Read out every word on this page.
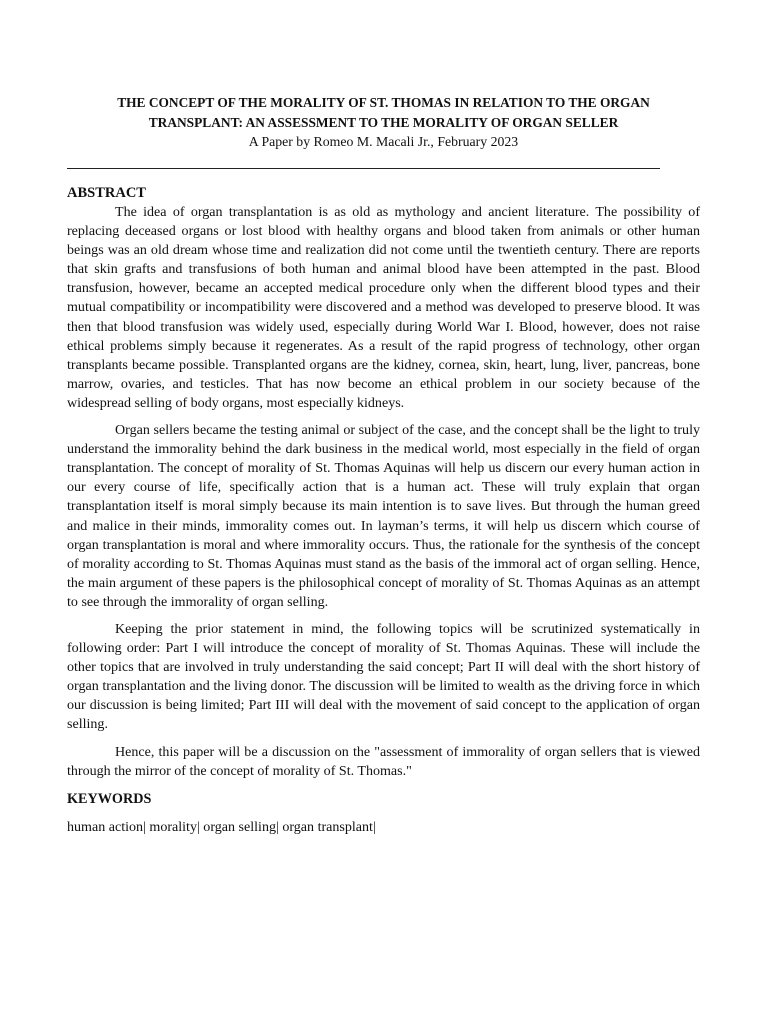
THE CONCEPT OF THE MORALITY OF ST. THOMAS IN RELATION TO THE ORGAN
TRANSPLANT: AN ASSESSMENT TO THE MORALITY OF ORGAN SELLER

A Paper by Romeo M. Macali Jr., February 2023

ABSTRACT

The idea of organ transplantation is as old as mythology and ancient literature. The possibility of replacing deceased organs or lost blood with healthy organs and blood taken from animals or other human beings was an old dream whose time and realization did not come until the twentieth century. There are reports that skin grafts and transfusions of both human and animal blood have been attempted in the past. Blood transfusion, however, became an accepted medical procedure only when the different blood types and their mutual compatibility or incompatibility were discovered and a method was developed to preserve blood. It was then that blood transfusion was widely used, especially during World War I. Blood, however, does not raise ethical problems simply because it regenerates. As a result of the rapid progress of technology, other organ transplants became possible. Transplanted organs are the kidney, cornea, skin, heart, lung, liver, pancreas, bone marrow, ovaries, and testicles. That has now become an ethical problem in our society because of the widespread selling of body organs, most especially kidneys.

Organ sellers became the testing animal or subject of the case, and the concept shall be the light to truly understand the immorality behind the dark business in the medical world, most especially in the field of organ transplantation. The concept of morality of St. Thomas Aquinas will help us discern our every human action in our every course of life, specifically action that is a human act. These will truly explain that organ transplantation itself is moral simply because its main intention is to save lives. But through the human greed and malice in their minds, immorality comes out. In layman’s terms, it will help us discern which course of organ transplantation is moral and where immorality occurs. Thus, the rationale for the synthesis of the concept of morality according to St. Thomas Aquinas must stand as the basis of the immoral act of organ selling. Hence, the main argument of these papers is the philosophical concept of morality of St. Thomas Aquinas as an attempt to see through the immorality of organ selling.

Keeping the prior statement in mind, the following topics will be scrutinized systematically in following order: Part I will introduce the concept of morality of St. Thomas Aquinas. These will include the other topics that are involved in truly understanding the said concept; Part II will deal with the short history of organ transplantation and the living donor. The discussion will be limited to wealth as the driving force in which our discussion is being limited; Part III will deal with the movement of said concept to the application of organ selling.

Hence, this paper will be a discussion on the "assessment of immorality of organ sellers that is viewed through the mirror of the concept of morality of St. Thomas."

KEYWORDS

human action| morality| organ selling| organ transplant|
